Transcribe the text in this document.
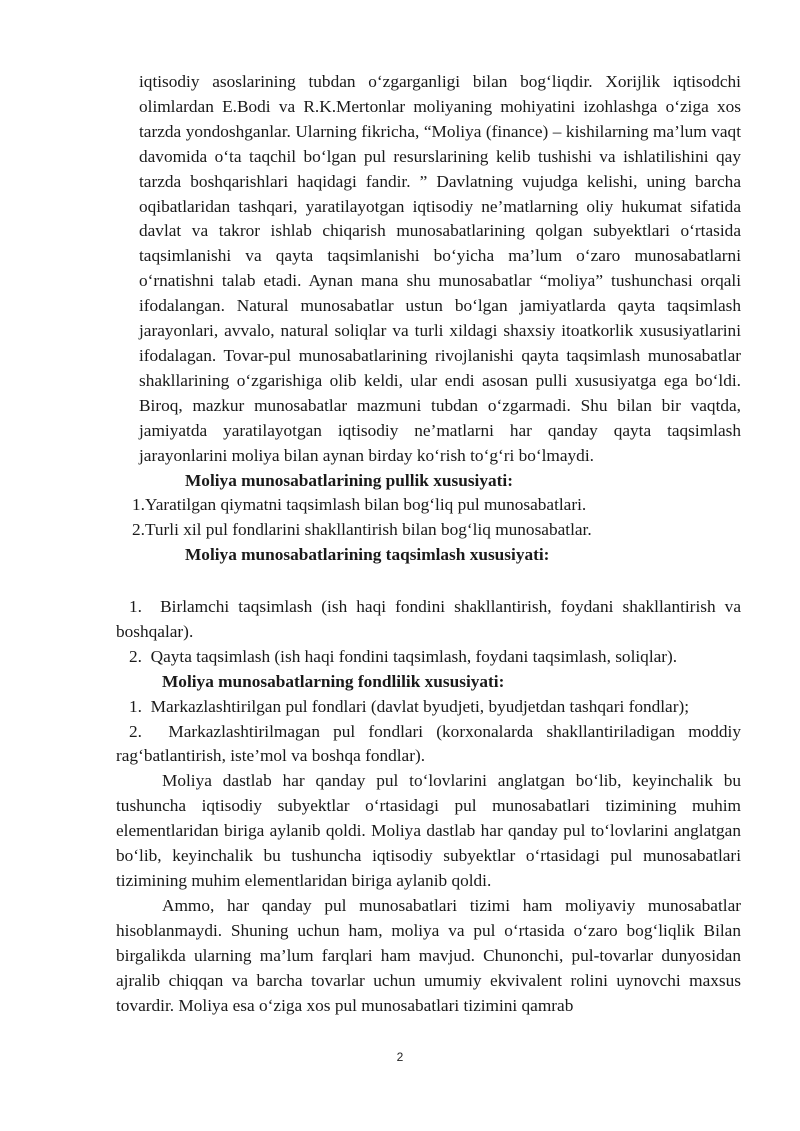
iqtisodiy asoslarining tubdan o‘zgarganligi bilan bog‘liqdir. Xorijlik iqtisodchi olimlardan E.Bodi va R.K.Mertonlar moliyaning mohiyatini izohlashga o‘ziga xos tarzda yondoshganlar. Ularning fikricha, “Moliya (finance) – kishilarning ma’lum vaqt davomida o‘ta taqchil bo‘lgan pul resurslarining kelib tushishi va ishlatilishini qay tarzda boshqarishlari haqidagi fandir. ” Davlatning vujudga kelishi, uning barcha oqibatlaridan tashqari, yaratilayotgan iqtisodiy ne’matlarning oliy hukumat sifatida davlat va takror ishlab chiqarish munosabatlarining qolgan subyektlari o‘rtasida taqsimlanishi va qayta taqsimlanishi bo‘yicha ma’lum o‘zaro munosabatlarni o‘rnatishni talab etadi. Aynan mana shu munosabatlar “moliya” tushunchasi orqali ifodalangan. Natural munosabatlar ustun bo‘lgan jamiyatlarda qayta taqsimlash jarayonlari, avvalo, natural soliqlar va turli xildagi shaxsiy itoatkorlik xususiyatlarini ifodalagan. Tovar-pul munosabatlarining rivojlanishi qayta taqsimlash munosabatlar shakllarining o‘zgarishiga olib keldi, ular endi asosan pulli xususiyatga ega bo‘ldi. Biroq, mazkur munosabatlar mazmuni tubdan o‘zgarmadi. Shu bilan bir vaqtda, jamiyatda yaratilayotgan iqtisodiy ne’matlarni har qanday qayta taqsimlash jarayonlarini moliya bilan aynan birday ko‘rish to‘g‘ri bo‘lmaydi.

Moliya munosabatlarining pullik xususiyati:

1.Yaratilgan qiymatni taqsimlash bilan bog‘liq pul munosabatlari.

2.Turli xil pul fondlarini shakllantirish bilan bog‘liq munosabatlar.

Moliya munosabatlarining taqsimlash xususiyati:

1.  Birlamchi taqsimlash (ish haqi fondini shakllantirish, foydani shakllantirish va boshqalar).

2.  Qayta taqsimlash (ish haqi fondini taqsimlash, foydani taqsimlash, soliqlar).

Moliya munosabatlarning fondlilik xususiyati:

1.  Markazlashtirilgan pul fondlari (davlat byudjeti, byudjetdan tashqari fondlar);

2.  Markazlashtirilmagan pul fondlari (korxonalarda shakllantiriladigan moddiy rag‘batlantirish, iste’mol va boshqa fondlar).

Moliya dastlab har qanday pul to‘lovlarini anglatgan bo‘lib, keyinchalik bu tushuncha iqtisodiy subyektlar o‘rtasidagi pul munosabatlari tizimining muhim elementlaridan biriga aylanib qoldi. Moliya dastlab har qanday pul to‘lovlarini anglatgan bo‘lib, keyinchalik bu tushuncha iqtisodiy subyektlar o‘rtasidagi pul munosabatlari tizimining muhim elementlaridan biriga aylanib qoldi.

Ammo, har qanday pul munosabatlari tizimi ham moliyaviy munosabatlar hisoblanmaydi. Shuning uchun ham, moliya va pul o‘rtasida o‘zaro bog‘liqlik Bilan birgalikda ularning ma’lum farqlari ham mavjud. Chunonchi, pul-tovarlar dunyosidan ajralib chiqqan va barcha tovarlar uchun umumiy ekvivalent rolini uynovchi maxsus tovardir. Moliya esa o‘ziga xos pul munosabatlari tizimini qamrab

2
